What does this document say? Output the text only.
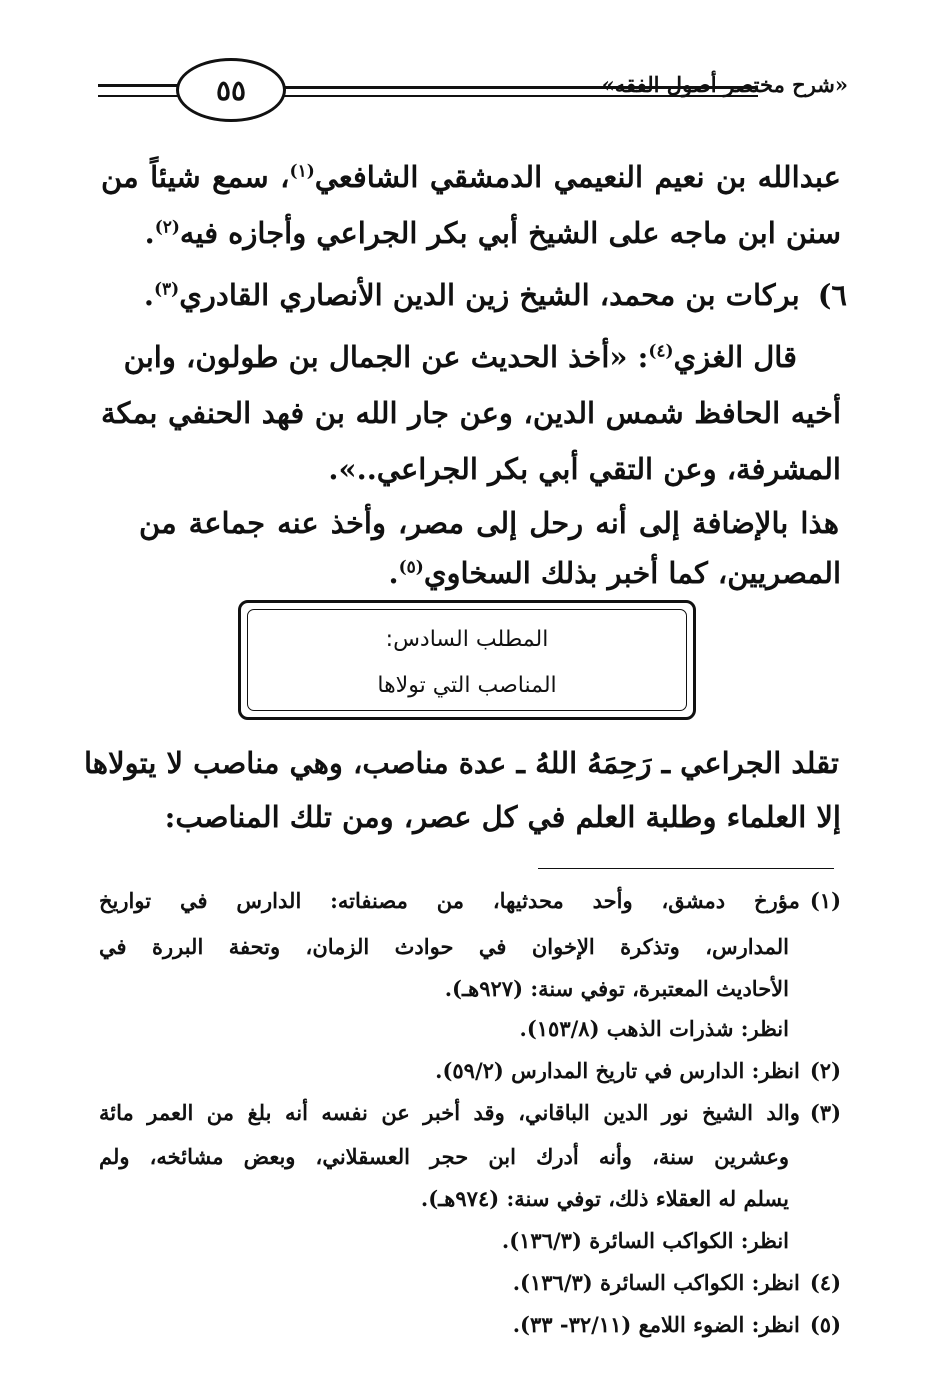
٥٥	«شرح مختصر أصول الفقه»
عبدالله بن نعيم النعيمي الدمشقي الشافعي$^{(١)}$، سمع شيئاً من
سنن ابن ماجه على الشيخ أبي بكر الجراعي وأجازه فيه$^{(٢)}$.
٦)بركات بن محمد، الشيخ زين الدين الأنصاري القادري$^{(٣)}$.
قال الغزي$^{(٤)}$: «أخذ الحديث عن الجمال بن طولون، وابن
أخيه الحافظ شمس الدين، وعن جار الله بن فهد الحنفي بمكة
المشرفة، وعن التقي أبي بكر الجراعي..».
هذا بالإضافة إلى أنه رحل إلى مصر، وأخذ عنه جماعة من
المصريين، كما أخبر بذلك السخاوي$^{(٥)}$.
المطلب السادس:
المناصب التي تولاها
تقلد الجراعي ـ رَحِمَهُ اللهُ ـ عدة مناصب، وهي مناصب لا يتولاها
إلا العلماء وطلبة العلم في كل عصر، ومن تلك المناصب:
(١)مؤرخ دمشق، وأحد محدثيها، من مصنفاته: الدارس في تواريخ
المدارس، وتذكرة الإخوان في حوادث الزمان، وتحفة البررة في
الأحاديث المعتبرة، توفي سنة: (٩٢٧هـ).
انظر: شذرات الذهب (١٥٣/٨).
(٢)انظر: الدارس في تاريخ المدارس (٥٩/٢).
(٣)والد الشيخ نور الدين الباقاني، وقد أخبر عن نفسه أنه بلغ من العمر مائة
وعشرين سنة، وأنه أدرك ابن حجر العسقلاني، وبعض مشائخه، ولم
يسلم له العقلاء ذلك، توفي سنة: (٩٧٤هـ).
انظر: الكواكب السائرة (١٣٦/٣).
(٤)انظر: الكواكب السائرة (١٣٦/٣).
(٥)انظر: الضوء اللامع (٣٢/١١- ٣٣).
